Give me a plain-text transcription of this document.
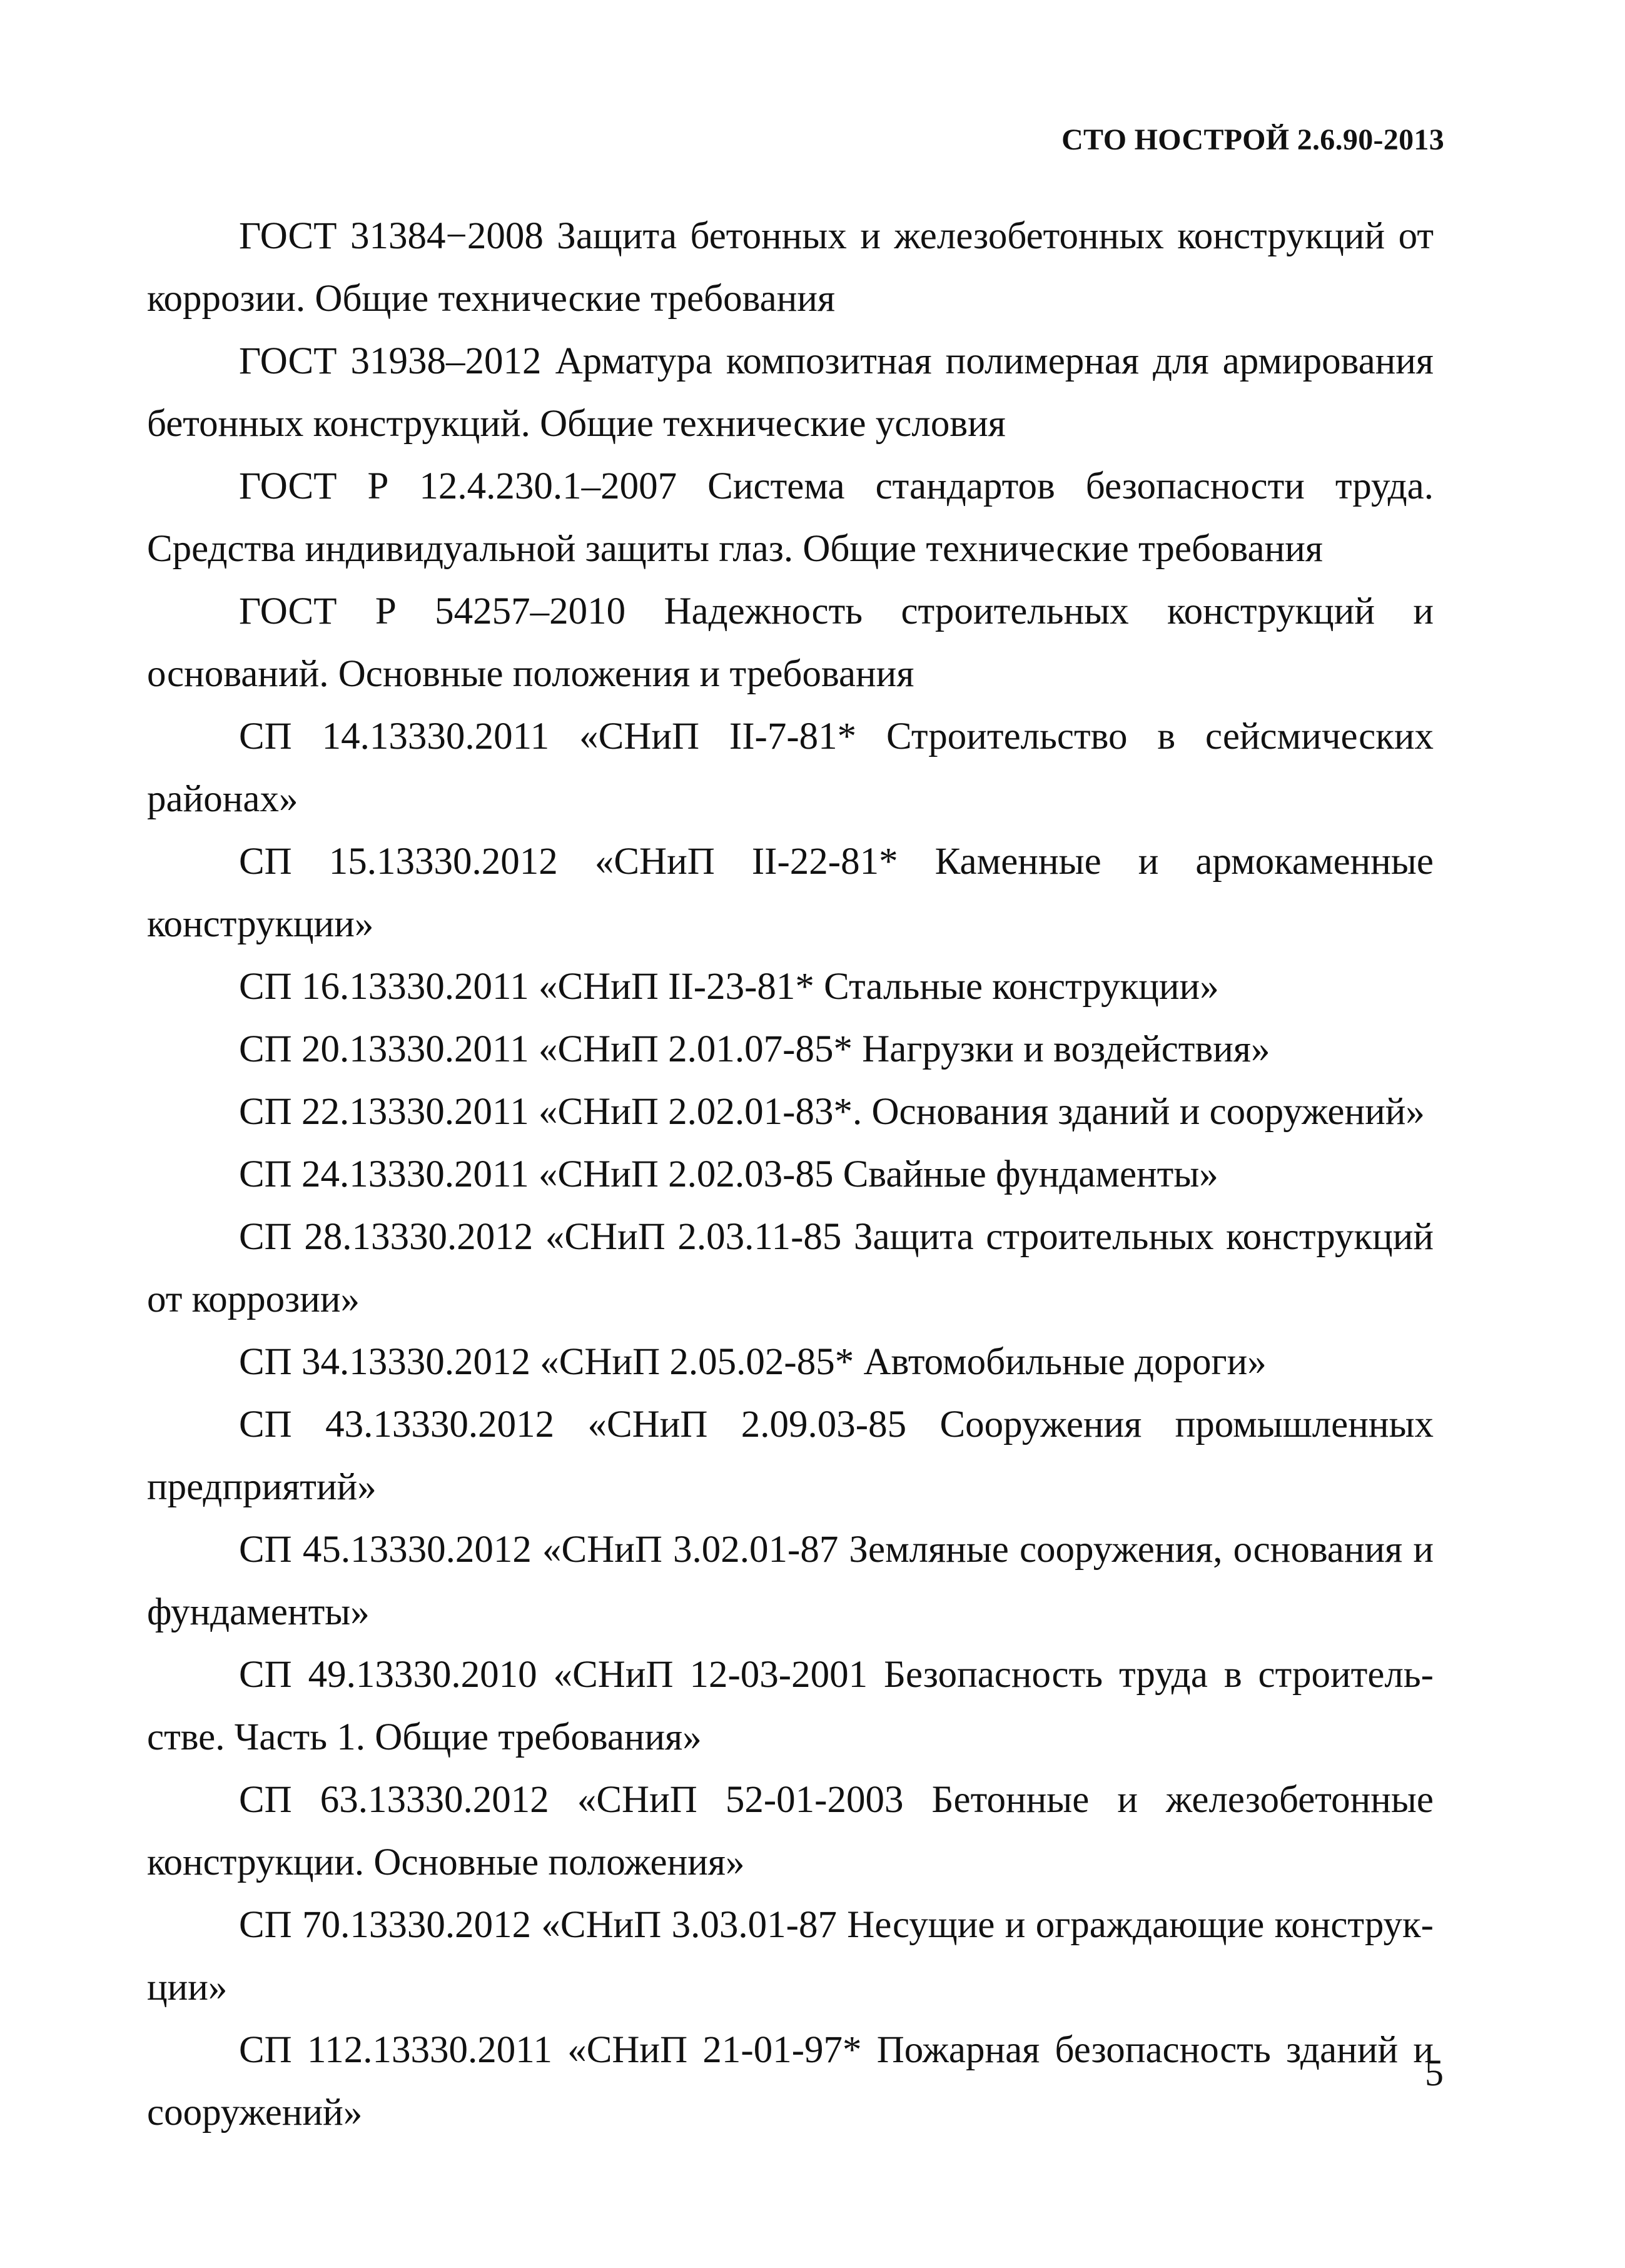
СТО НОСТРОЙ 2.6.90-2013

ГОСТ 31384−2008 Защита бетонных и железобетонных конструкций от коррозии. Общие технические требования

ГОСТ 31938–2012 Арматура композитная полимерная для армирования бетонных конструкций. Общие технические условия

ГОСТ Р 12.4.230.1–2007 Система стандартов безопасности труда. Средства индивидуальной защиты глаз. Общие технические требования

ГОСТ Р 54257–2010 Надежность строительных конструкций и оснований. Основные положения и требования

СП 14.13330.2011 «СНиП II-7-81* Строительство в сейсмических районах»

СП 15.13330.2012 «СНиП II-22-81* Каменные и армокаменные конструкции»

СП 16.13330.2011 «СНиП II-23-81* Стальные конструкции»

СП 20.13330.2011 «СНиП 2.01.07-85* Нагрузки и воздействия»

СП 22.13330.2011 «СНиП 2.02.01-83*. Основания зданий и сооружений»

СП 24.13330.2011 «СНиП 2.02.03-85 Свайные фундаменты»

СП 28.13330.2012 «СНиП 2.03.11-85 Защита строительных конструкций от коррозии»

СП 34.13330.2012 «СНиП 2.05.02-85* Автомобильные дороги»

СП 43.13330.2012 «СНиП 2.09.03-85 Сооружения промышленных предприятий»

СП 45.13330.2012 «СНиП 3.02.01-87 Земляные сооружения, основания и фундаменты»

СП 49.13330.2010 «СНиП 12-03-2001 Безопасность труда в строительстве. Часть 1. Общие требования»

СП 63.13330.2012 «СНиП 52-01-2003 Бетонные и железобетонные конструкции. Основные положения»

СП 70.13330.2012 «СНиП 3.03.01-87 Несущие и ограждающие конструкции»

СП 112.13330.2011 «СНиП 21-01-97* Пожарная безопасность зданий и сооружений»

5
